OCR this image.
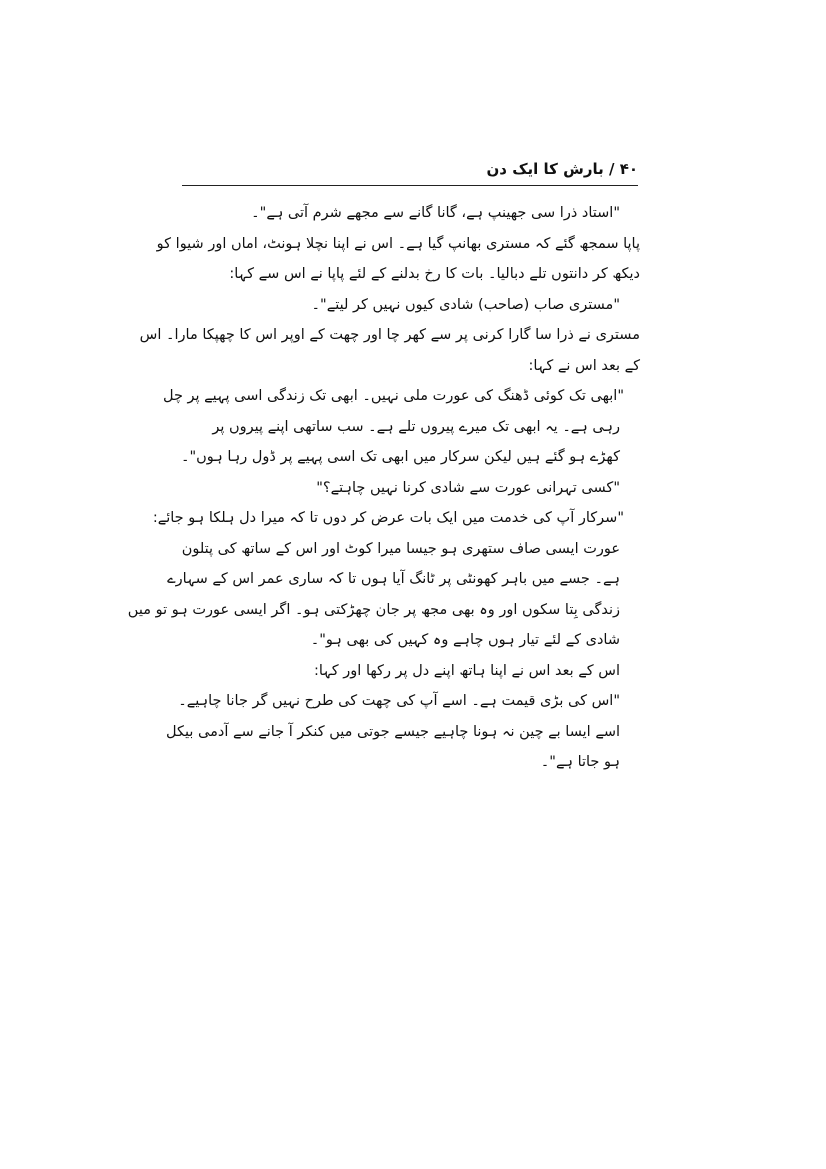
۴۰ / بارش کا ایک دن
"استاد ذرا سی جھینپ ہے، گانا گانے سے مجھے شرم آتی ہے"۔
پاپا سمجھ گئے کہ مستری بھانپ گیا ہے۔ اس نے اپنا نچلا ہونٹ، اماں اور شیوا کو
دیکھ کر دانتوں تلے دبالیا۔ بات کا رخ بدلنے کے لئے پاپا نے اس سے کہا:
"مستری صاب (صاحب) شادی کیوں نہیں کر لیتے"۔
مستری نے ذرا سا گارا کرنی پر سے کھر چا اور چھت کے اوپر اس کا چھپکا مارا۔ اس
کے بعد اس نے کہا:
"ابھی تک کوئی ڈھنگ کی عورت ملی نہیں۔ ابھی تک زندگی اسی پہیے پر چل
رہی ہے۔ یہ ابھی تک میرے پیروں تلے ہے۔ سب ساتھی اپنے پیروں پر
کھڑے ہو گئے ہیں لیکن سرکار میں ابھی تک اسی پہیے پر ڈول رہا ہوں"۔
"کسی تہرانی عورت سے شادی کرنا نہیں چاہتے؟"
"سرکار آپ کی خدمت میں ایک بات عرض کر دوں تا کہ میرا دل ہلکا ہو جائے:
عورت ایسی صاف ستھری ہو جیسا میرا کوٹ اور اس کے ساتھ کی پتلون
ہے۔ جسے میں باہر کھونٹی پر ٹانگ آیا ہوں تا کہ ساری عمر اس کے سہارے
زندگی بِتا سکوں اور وہ بھی مجھ پر جان چھڑکتی ہو۔ اگر ایسی عورت ہو تو میں
شادی کے لئے تیار ہوں چاہے وہ کہیں کی بھی ہو"۔
اس کے بعد اس نے اپنا ہاتھ اپنے دل پر رکھا اور کہا:
"اس کی بڑی قیمت ہے۔ اسے آپ کی چھت کی طرح نہیں گر جانا چاہیے۔
اسے ایسا بے چین نہ ہونا چاہیے جیسے جوتی میں کنکر آ جانے سے آدمی بیکل
ہو جاتا ہے"۔
